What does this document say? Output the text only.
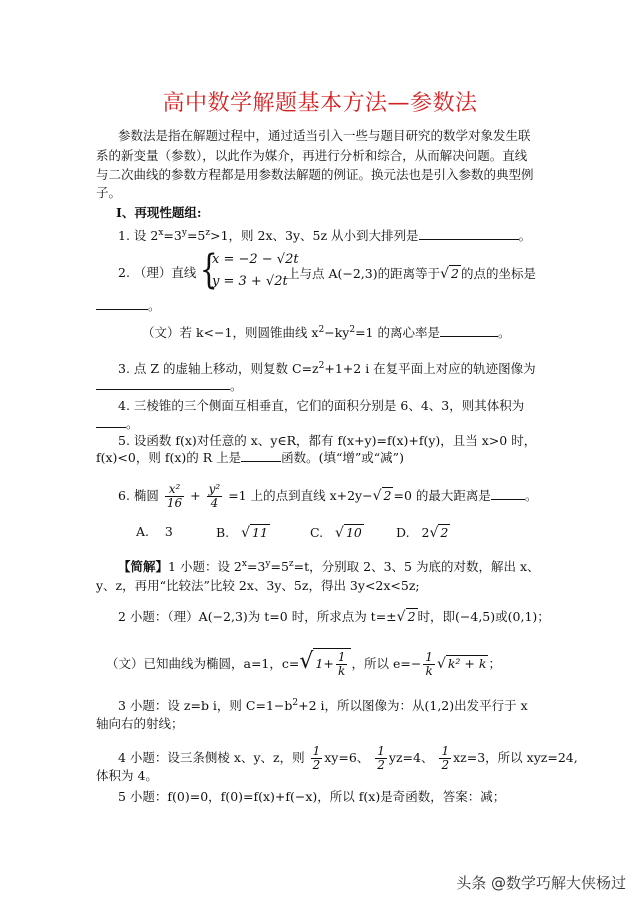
高中数学解题基本方法—参数法
参数法是指在解题过程中，通过适当引入一些与题目研究的数学对象发生联
系的新变量（参数），以此作为媒介，再进行分析和综合，从而解决问题。直线
与二次曲线的参数方程都是用参数法解题的例证。换元法也是引入参数的典型例
子。
Ⅰ、再现性题组:
1. 设 $2^x=3^y=5^z>1$，则 2x、3y、5z 从小到大排列是	。
2. （理）直线 {
x = −2 − √2t
y = 3 + √2t
上与点 A(−2,3)的距离等于√ 2 的点的坐标是
。
（文）若 k<−1，则圆锥曲线 $x^2-ky^2=1$ 的离心率是	。
3. 点 Z 的虚轴上移动，则复数 $C=z^2+1+2$ i 在复平面上对应的轨迹图像为
。
4. 三棱锥的三个侧面互相垂直，它们的面积分别是 6、4、3，则其体积为
。
5. 设函数 f(x)对任意的 x、y∈R，都有 f(x+y)=f(x)+f(y)，且当 x>0 时，
f(x)<0，则 f(x)的 R 上是	函数。(填“增”或“减”)
6. 椭圆 $\frac{\text{x²}}{16} + \frac{\text{y²}}{4} =1$ 上的点到直线 x+2y−√ 2 =0 的最大距离是	。
A. 3	B. √ 11	C. √ 10	D. 2√ 2
【简解】1 小题：设 $2^x=3^y=5^z=t$，分别取 2、3、5 为底的对数，解出 x、
y、z，再用“比较法”比较 2x、3y、5z，得出 3y<2x<5z;
2 小题：（理）A(−2,3)为 t=0 时，所求点为 t=±√ 2 时，即(−4,5)或(0,1)；
（文）已知曲线为椭圆，a=1，c=√ $1+ \frac{1}{k}$ ，所以 $e=- \frac{1}{k}$ √ k² + k ；
3 小题：设 z=b i，则 $C=1-b^2+2$ i，所以图像为：从(1,2)出发平行于 x
轴向右的射线；
4 小题：设三条侧棱 x、y、z，则 $\frac{1}{2} xy=6$、 $\frac{1}{2} yz=4$、 $\frac{1}{2} xz=3$，所以 xyz=24,
体积为 4。
5 小题：f(0)=0，f(0)=f(x)+f(−x)，所以 f(x)是奇函数，答案：减；
头条 @数学巧解大侠杨过
